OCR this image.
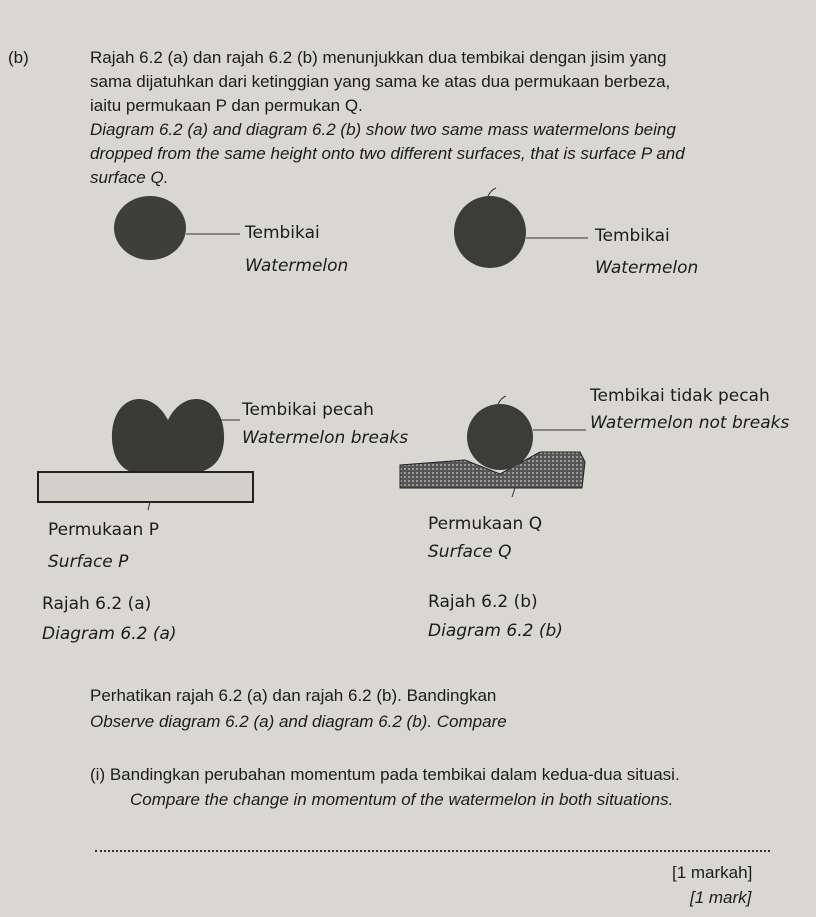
(b)	Rajah 6.2 (a) dan rajah 6.2 (b) menunjukkan dua tembikai dengan jisim yang
sama dijatuhkan dari ketinggian yang sama ke atas dua permukaan berbeza,
iaitu permukaan P dan permukan Q.
Diagram 6.2 (a) and diagram 6.2 (b) show two same mass watermelons being
dropped from the same height onto two different surfaces, that is surface P and
surface Q.
Tembikai
Watermelon
Tembikai
Watermelon
Tembikai pecah
Watermelon breaks
Tembikai tidak pecah
Watermelon not breaks
Permukaan P
Surface P
Permukaan Q
Surface Q
Rajah 6.2 (a)
Diagram 6.2 (a)
Rajah 6.2 (b)
Diagram 6.2 (b)
Perhatikan rajah 6.2 (a) dan rajah 6.2 (b). Bandingkan
Observe diagram 6.2 (a) and diagram 6.2 (b). Compare
(i) Bandingkan perubahan momentum pada tembikai dalam kedua-dua situasi.
Compare the change in momentum of the watermelon in both situations.
[1 markah]
[1 mark]
